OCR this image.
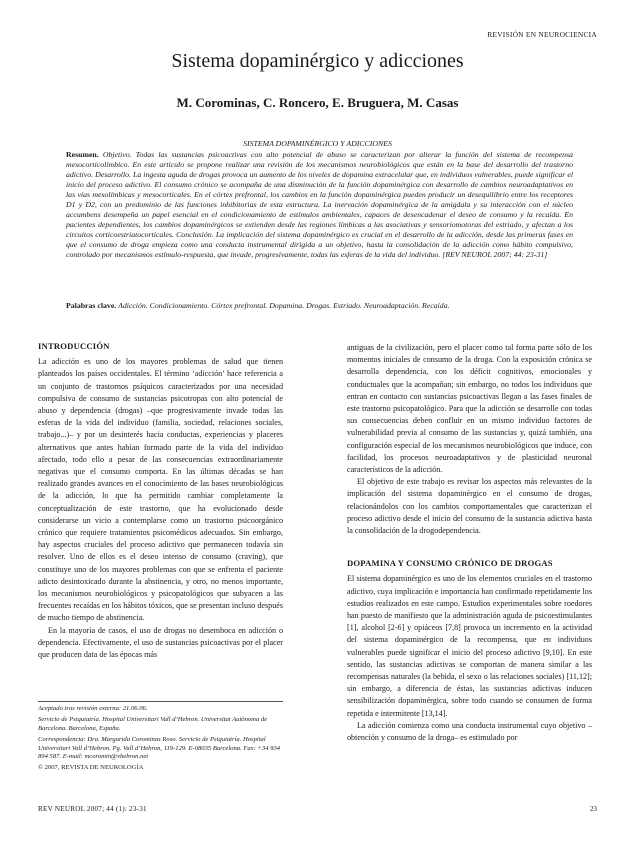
REVISIÓN EN NEUROCIENCIA
Sistema dopaminérgico y adicciones
M. Corominas, C. Roncero, E. Bruguera, M. Casas
SISTEMA DOPAMINÉRGICO Y ADICCIONES
Resumen. Objetivo. Todas las sustancias psicoactivas con alto potencial de abuso se caracterizan por alterar la función del sistema de recompensa mesocorticolímbico. En este artículo se propone realizar una revisión de los mecanismos neurobiológicos que están en la base del desarrollo del trastorno adictivo. Desarrollo. La ingesta aguda de drogas provoca un aumento de los niveles de dopamina extracelular que, en individuos vulnerables, puede significar el inicio del proceso adictivo. El consumo crónico se acompaña de una disminución de la función dopaminérgica con desarrollo de cambios neuroadaptativos en las vías mesolímbicas y mesocorticales. En el córtex prefrontal, los cambios en la función dopaminérgica pueden producir un desequilibrio entre los receptores D1 y D2, con un predominio de las funciones inhibitorias de esta estructura. La inervación dopaminérgica de la amígdala y su interacción con el núcleo accumbens desempeña un papel esencial en el condicionamiento de estímulos ambientales, capaces de desencadenar el deseo de consumo y la recaída. En pacientes dependientes, los cambios dopaminérgicos se extienden desde las regiones límbicas a las asociativas y sensoriomotoras del estriado, y afectan a los circuitos corticoestriatocorticales. Conclusión. La implicación del sistema dopaminérgico es crucial en el desarrollo de la adicción, desde las primeras fases en que el consumo de droga empieza como una conducta instrumental dirigida a un objetivo, hasta la consolidación de la adicción como hábito compulsivo, controlado por mecanismos estímulo-respuesta, que invade, progresivamente, todas las esferas de la vida del individuo. [REV NEUROL 2007; 44: 23-31]
Palabras clave. Adicción. Condicionamiento. Córtex prefrontal. Dopamina. Drogas. Estriado. Neuroadaptación. Recaída.
INTRODUCCIÓN

La adicción es uno de los mayores problemas de salud que tienen planteados los países occidentales. El término ‘adicción’ hace referencia a un conjunto de trastornos psíquicos caracterizados por una necesidad compulsiva de consumo de sustancias psicotropas con alto potencial de abuso y dependencia (drogas) –que progresivamente invade todas las esferas de la vida del individuo (familia, sociedad, relaciones sociales, trabajo...)– y por un desinterés hacia conductas, experiencias y placeres alternativos que antes habían formado parte de la vida del individuo afectado, todo ello a pesar de las consecuencias extraordinariamente negativas que el consumo comporta. En las últimas décadas se han realizado grandes avances en el conocimiento de las bases neurobiológicas de la adicción, lo que ha permitido cambiar completamente la conceptualización de este trastorno, que ha evolucionado desde considerarse un vicio a contemplarse como un trastorno psicoorgánico crónico que requiere tratamientos psicomédicos adecuados. Sin embargo, hay aspectos cruciales del proceso adictivo que permanecen todavía sin resolver. Uno de ellos es el deseo intenso de consumo (craving), que constituye uno de los mayores problemas con que se enfrenta el paciente adicto desintoxicado durante la abstinencia, y otro, no menos importante, los mecanismos neurobiológicos y psicopatológicos que subyacen a las frecuentes recaídas en los hábitos tóxicos, que se presentan incluso después de mucho tiempo de abstinencia.

En la mayoría de casos, el uso de drogas no desemboca en adicción o dependencia. Efectivamente, el uso de sustancias psicoactivas por el placer que producen data de las épocas más

Aceptado tras revisión externa: 21.06.06.

Servicio de Psiquiatría. Hospital Universitari Vall d’Hebron. Universitat Autònoma de Barcelona. Barcelona, España.

Correspondencia: Dra. Margarida Corominas Roso. Servicio de Psiquiatría. Hospital Universitari Vall d’Hebron. Pg. Vall d’Hebron, 119-129. E-08035 Barcelona. Fax: +34 934 894 587. E-mail: mcoromin@vhebron.net

© 2007, REVISTA DE NEUROLOGÍA

antiguas de la civilización, pero el placer como tal forma parte sólo de los momentos iniciales de consumo de la droga. Con la exposición crónica se desarrolla dependencia, con los déficit cognitivos, emocionales y conductuales que la acompañan; sin embargo, no todos los individuos que entran en contacto con sustancias psicoactivas llegan a las fases finales de este trastorno psicopatológico. Para que la adicción se desarrolle con todas sus consecuencias deben confluir en un mismo individuo factores de vulnerabilidad previa al consumo de las sustancias y, quizá también, una configuración especial de los mecanismos neurobiológicos que induce, con facilidad, los procesos neuroadaptativos y de plasticidad neuronal característicos de la adicción.

El objetivo de este trabajo es revisar los aspectos más relevantes de la implicación del sistema dopaminérgico en el consumo de drogas, relacionándolos con los cambios comportamentales que caracterizan el proceso adictivo desde el inicio del consumo de la sustancia adictiva hasta la consolidación de la drogodependencia.

DOPAMINA Y CONSUMO CRÓNICO DE DROGAS

El sistema dopaminérgico es uno de los elementos cruciales en el trastorno adictivo, cuya implicación e importancia han confirmado repetidamente los estudios realizados en este campo. Estudios experimentales sobre roedores han puesto de manifiesto que la administración aguda de psicoestimulantes [1], alcohol [2-6] y opiáceos [7,8] provoca un incremento en la actividad del sistema dopaminérgico de la recompensa, que en individuos vulnerables puede significar el inicio del proceso adictivo [9,10]. En este sentido, las sustancias adictivas se comportan de manera similar a las recompensas naturales (la bebida, el sexo o las relaciones sociales) [11,12]; sin embargo, a diferencia de éstas, las sustancias adictivas inducen sensibilización dopaminérgica, sobre todo cuando se consumen de forma repetida e intermitente [13,14].

La adicción comienza como una conducta instrumental cuyo objetivo –obtención y consumo de la droga– es estimulado por

REV NEUROL 2007; 44 (1): 23-31	23
